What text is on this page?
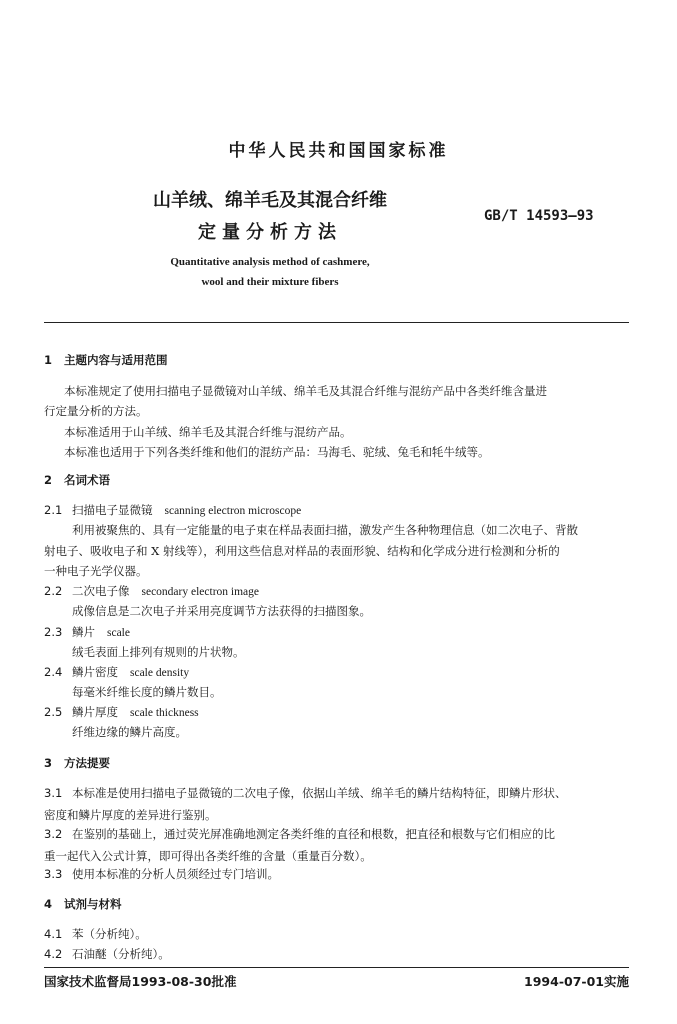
中华人民共和国国家标准
山羊绒、绵羊毛及其混合纤维
定量分析方法
GB/T 14593—93
Quantitative analysis method of cashmere,
wool and their mixture fibers
1 主题内容与适用范围
本标准规定了使用扫描电子显微镜对山羊绒、绵羊毛及其混合纤维与混纺产品中各类纤维含量进
行定量分析的方法。
本标准适用于山羊绒、绵羊毛及其混合纤维与混纺产品。
本标准也适用于下列各类纤维和他们的混纺产品：马海毛、驼绒、兔毛和牦牛绒等。
2 名词术语
2.1 扫描电子显微镜 scanning electron microscope
利用被聚焦的、具有一定能量的电子束在样品表面扫描，激发产生各种物理信息（如二次电子、背散
射电子、吸收电子和 X 射线等），利用这些信息对样品的表面形貌、结构和化学成分进行检测和分析的
一种电子光学仪器。
2.2 二次电子像 secondary electron image
成像信息是二次电子并采用亮度调节方法获得的扫描图象。
2.3 鳞片 scale
绒毛表面上排列有规则的片状物。
2.4 鳞片密度 scale density
每毫米纤维长度的鳞片数目。
2.5 鳞片厚度 scale thickness
纤维边缘的鳞片高度。
3 方法提要
3.1 本标准是使用扫描电子显微镜的二次电子像，依据山羊绒、绵羊毛的鳞片结构特征，即鳞片形状、
密度和鳞片厚度的差异进行鉴别。
3.2 在鉴别的基础上，通过荧光屏准确地测定各类纤维的直径和根数，把直径和根数与它们相应的比
重一起代入公式计算，即可得出各类纤维的含量（重量百分数）。
3.3 使用本标准的分析人员须经过专门培训。
4 试剂与材料
4.1 苯（分析纯）。
4.2 石油醚（分析纯）。
国家技术监督局1993-08-30批准	1994-07-01实施
